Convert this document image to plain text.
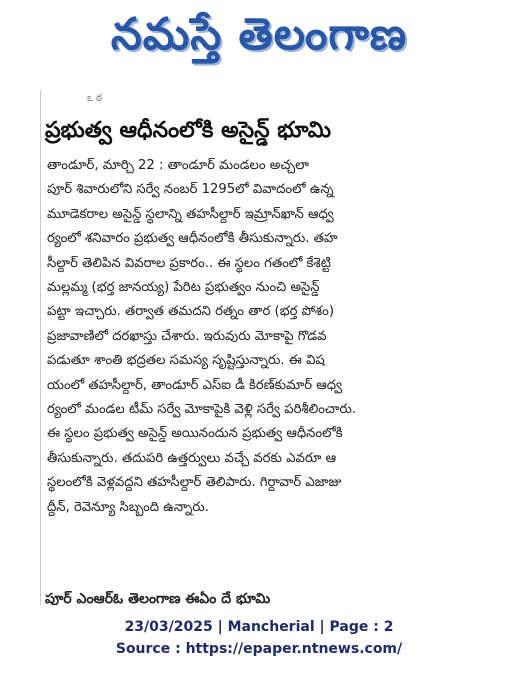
నమస్తే తెలంగాణ
ఽ ఠ
ప్రభుత్వ ఆధీనంలోకి అసైన్డ్ భూమి
తాండూర్, మార్చి 22 : తాండూర్ మండలం అచ్చలా
పూర్ శివారులోని సర్వే నంబర్ 1295లో వివాదంలో ఉన్న
మూడెకరాల అసైన్డ్ స్థలాన్ని తహసీల్దార్ ఇమ్రాన్‌ఖాన్ ఆధ్వ
ర్యంలో శనివారం ప్రభుత్వ ఆధీనంలోకి తీసుకున్నారు. తహ
సీల్దార్ తెలిపిన వివరాల ప్రకారం.. ఈ స్థలం గతంలో కేశెట్టి
మల్లమ్మ (భర్త జానయ్య) పేరిట ప్రభుత్వం నుంచి అసైన్డ్
పట్టా ఇచ్చారు. తర్వాత తమదని రత్నం తార (భర్త పోశం)
ప్రజావాణిలో దరఖాస్తు చేశారు. ఇరువురు మోకాపై గొడవ
పడుతూ శాంతి భద్రతల సమస్య సృష్టిస్తున్నారు. ఈ విష
యంలో తహసీల్దార్, తాండూర్ ఎస్ఐ డీ కిరణ్‌కుమార్ ఆధ్వ
ర్యంలో మండల టీమ్ సర్వే మోకాపైకి వెళ్లి సర్వే పరిశీలించారు.
ఈ స్థలం ప్రభుత్వ అసైన్డ్ అయినందున ప్రభుత్వ ఆధీనంలోకి
తీసుకున్నారు. తదుపరి ఉత్తర్వులు వచ్చే వరకు ఎవరూ ఆ
స్థలంలోకి వెళ్లవద్దని తహసీల్దార్ తెలిపారు. గిర్దావార్ ఎజాజు
ద్దీన్, రెవెన్యూ సిబ్బంది ఉన్నారు.
పూర్ ఎంఆర్ఓ తెలంగాణ ఈఏం దే భూమి
23/03/2025 | Mancherial | Page : 2
Source : https://epaper.ntnews.com/
